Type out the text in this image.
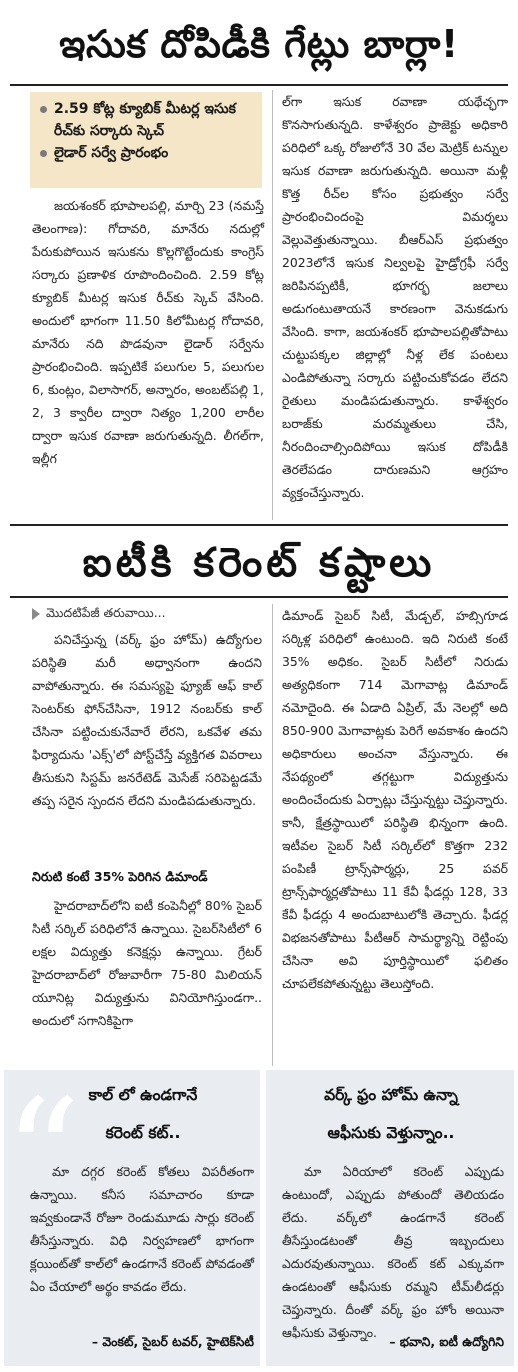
ఇసుక దోపిడీకి గేట్లు బార్లా!
2.59 కోట్ల క్యూబిక్ మీటర్ల ఇసుక రీచ్‌కు సర్కారు స్కెచ్
లైడార్ సర్వే ప్రారంభం

జయశంకర్ భూపాలపల్లి, మార్చి 23 (నమస్తే తెలంగాణ): గోదావరి, మానేరు నదుల్లో పేరుకుపోయిన ఇసుకను కొల్లగొట్టేందుకు కాంగ్రెస్ సర్కారు ప్రణాళిక రూపొందించింది. 2.59 కోట్ల క్యూబిక్ మీటర్ల ఇసుక రీచ్‌కు స్కెచ్ వేసింది. అందులో భాగంగా 11.50 కిలోమీటర్ల గోదావరి, మానేరు నది పొడవునా లైడార్ సర్వేను ప్రారంభించింది. ఇప్పటికే పలుగుల 5, పలుగుల 6, కుంట్లం, విలాసాగర్, అన్నారం, అంబట్‌పల్లి 1, 2, 3 క్వారీల ద్వారా నిత్యం 1,200 లారీల ద్వారా ఇసుక రవాణా జరుగుతున్నది. లీగల్‌గా, ఇల్లీగ

ల్‌గా ఇసుక రవాణా యథేచ్ఛగా కొనసాగుతున్నది. కాళేశ్వరం ప్రాజెక్టు అధికారి పరిధిలో ఒక్క రోజులోనే 30 వేల మెట్రిక్ టన్నుల ఇసుక రవాణా జరుగుతున్నది. అయినా మళ్లీ కొత్త రీచ్‌ల కోసం ప్రభుత్వం సర్వే ప్రారంభించిందంపై విమర్శలు వెల్లువెత్తుతున్నాయి. బీఆర్‌ఎస్ ప్రభుత్వం 2023లోనే ఇసుక నిల్వలపై హైడ్రోగ్రఫీ సర్వే జరిపినప్పటికీ, భూగర్భ జలాలు అడుగంటుతాయనే కారణంగా వెనుకడుగు వేసింది. కాగా, జయశంకర్ భూపాలపల్లితోపాటు చుట్టుపక్కల జిల్లాల్లో నీళ్ల లేక పంటలు ఎండిపోతున్నా సర్కారు పట్టించుకోవడం లేదని రైతులు మండిపడుతున్నారు. కాళేశ్వరం బరాజ్‌కు మరమ్మతులు చేసి, నీరందించాల్సిందిపోయి ఇసుక దోపిడీకి తెరలేపడం దారుణమని ఆగ్రహం వ్యక్తంచేస్తున్నారు.

ఐటీకి కరెంట్ కష్టాలు
మొదటిపేజీ తరువాయి...

పనిచేస్తున్న (వర్క్ ఫ్రం హోమ్) ఉద్యోగుల పరిస్థితి మరీ అధ్వానంగా ఉందని వాపోతున్నారు. ఈ సమస్యపై ఫ్యూజ్ ఆఫ్ కాల్ సెంటర్‌కు ఫోన్‌చేసినా, 1912 నంబర్‌కు కాల్ చేసినా పట్టించుకునేవారే లేరని, ఒకవేళ తమ ఫిర్యాదును 'ఎక్స్'లో పోస్ట్‌చేస్తే వ్యక్తిగత వివరాలు తీసుకుని సిస్టమ్ జనరేటెడ్ మెసేజ్ సరిపెట్టడమే తప్ప సరైన స్పందన లేదని మండిపడుతున్నారు.

నిరుటి కంటే 35% పెరిగిన డిమాండ్

హైదరాబాద్‌లోని ఐటీ కంపెనీల్లో 80% సైబర్ సిటీ సర్కిల్ పరిధిలోనే ఉన్నాయి. సైబర్‌సిటీలో 6 లక్షల విద్యుత్తు కనెక్షన్లు ఉన్నాయి. గ్రేటర్ హైదరాబాద్‌లో రోజువారీగా 75-80 మిలియన్ యూనిట్ల విద్యుత్తును వినియోగిస్తుండగా.. అందులో సగానికిపైగా

డిమాండ్ సైబర్ సిటీ, మేడ్చల్, హబ్సిగూడ సర్కిళ్ల పరిధిలో ఉంటుంది. ఇది నిరుటి కంటే 35% అధికం. సైబర్ సిటీలో నిరుడు అత్యధికంగా 714 మెగావాట్ల డిమాండ్ నమోదైంది. ఈ ఏడాది ఏప్రిల్, మే నెలల్లో అది 850-900 మెగావాట్లకు పెరిగే అవకాశం ఉందని అధికారులు అంచనా వేస్తున్నారు. ఈ నేపథ్యంలో తగ్గట్టుగా విద్యుత్తును అందించేందుకు ఏర్పాట్లు చేస్తున్నట్టు చెప్తున్నారు. కానీ, క్షేత్రస్థాయిలో పరిస్థితి భిన్నంగా ఉంది. ఇటీవల సైబర్ సిటీ సర్కిల్‌లో కొత్తగా 232 పంపిణీ ట్రాన్స్‌ఫార్మర్లు, 25 పవర్ ట్రాన్స్‌ఫార్మర్లతోపాటు 11 కేవీ ఫీడర్లు 128, 33 కేవీ ఫీడర్లు 4 అందుబాటులోకి తెచ్చారు. ఫీడర్ల విభజనతోపాటు పీటీఆర్ సామర్థ్యాన్ని రెట్టింపు చేసినా అవి పూర్తిస్థాయిలో ఫలితం చూపలేకపోతున్నట్టు తెలుస్తోంది.

“ కాల్ లో ఉండగానే
కరెంట్ కట్..

మా దగ్గర కరెంట్ కోతలు విపరీతంగా ఉన్నాయి. కనీస సమాచారం కూడా ఇవ్వకుండానే రోజూ రెండుమూడు సార్లు కరెంట్ తీసేస్తున్నారు. విధి నిర్వహణలో భాగంగా క్లయింట్‌తో కాల్‌లో ఉండగానే కరెంట్ పోవడంతో ఏం చేయాలో అర్థం కావడం లేదు.

– వెంకట్, సైబర్ టవర్, హైటెక్‌సిటీ
వర్క్ ఫ్రం హోమ్ ఉన్నా
ఆఫీసుకు వెళ్తున్నాం..

మా ఏరియాలో కరెంట్ ఎప్పుడు ఉంటుందో, ఎప్పుడు పోతుందో తెలియడం లేదు. వర్క్‌లో ఉండగానే కరెంట్ తీసేస్తుండటంతో తీవ్ర ఇబ్బందులు ఎదురవుతున్నాయి. కరెంట్ కట్ ఎక్కువగా ఉండటంతో ఆఫీసుకు రమ్మని టీమ్‌లీడర్లు చెప్తున్నారు. దీంతో వర్క్ ఫ్రం హోం అయినా ఆఫీసుకు వెళ్తున్నాం.

– భవాని, ఐటీ ఉద్యోగిని
